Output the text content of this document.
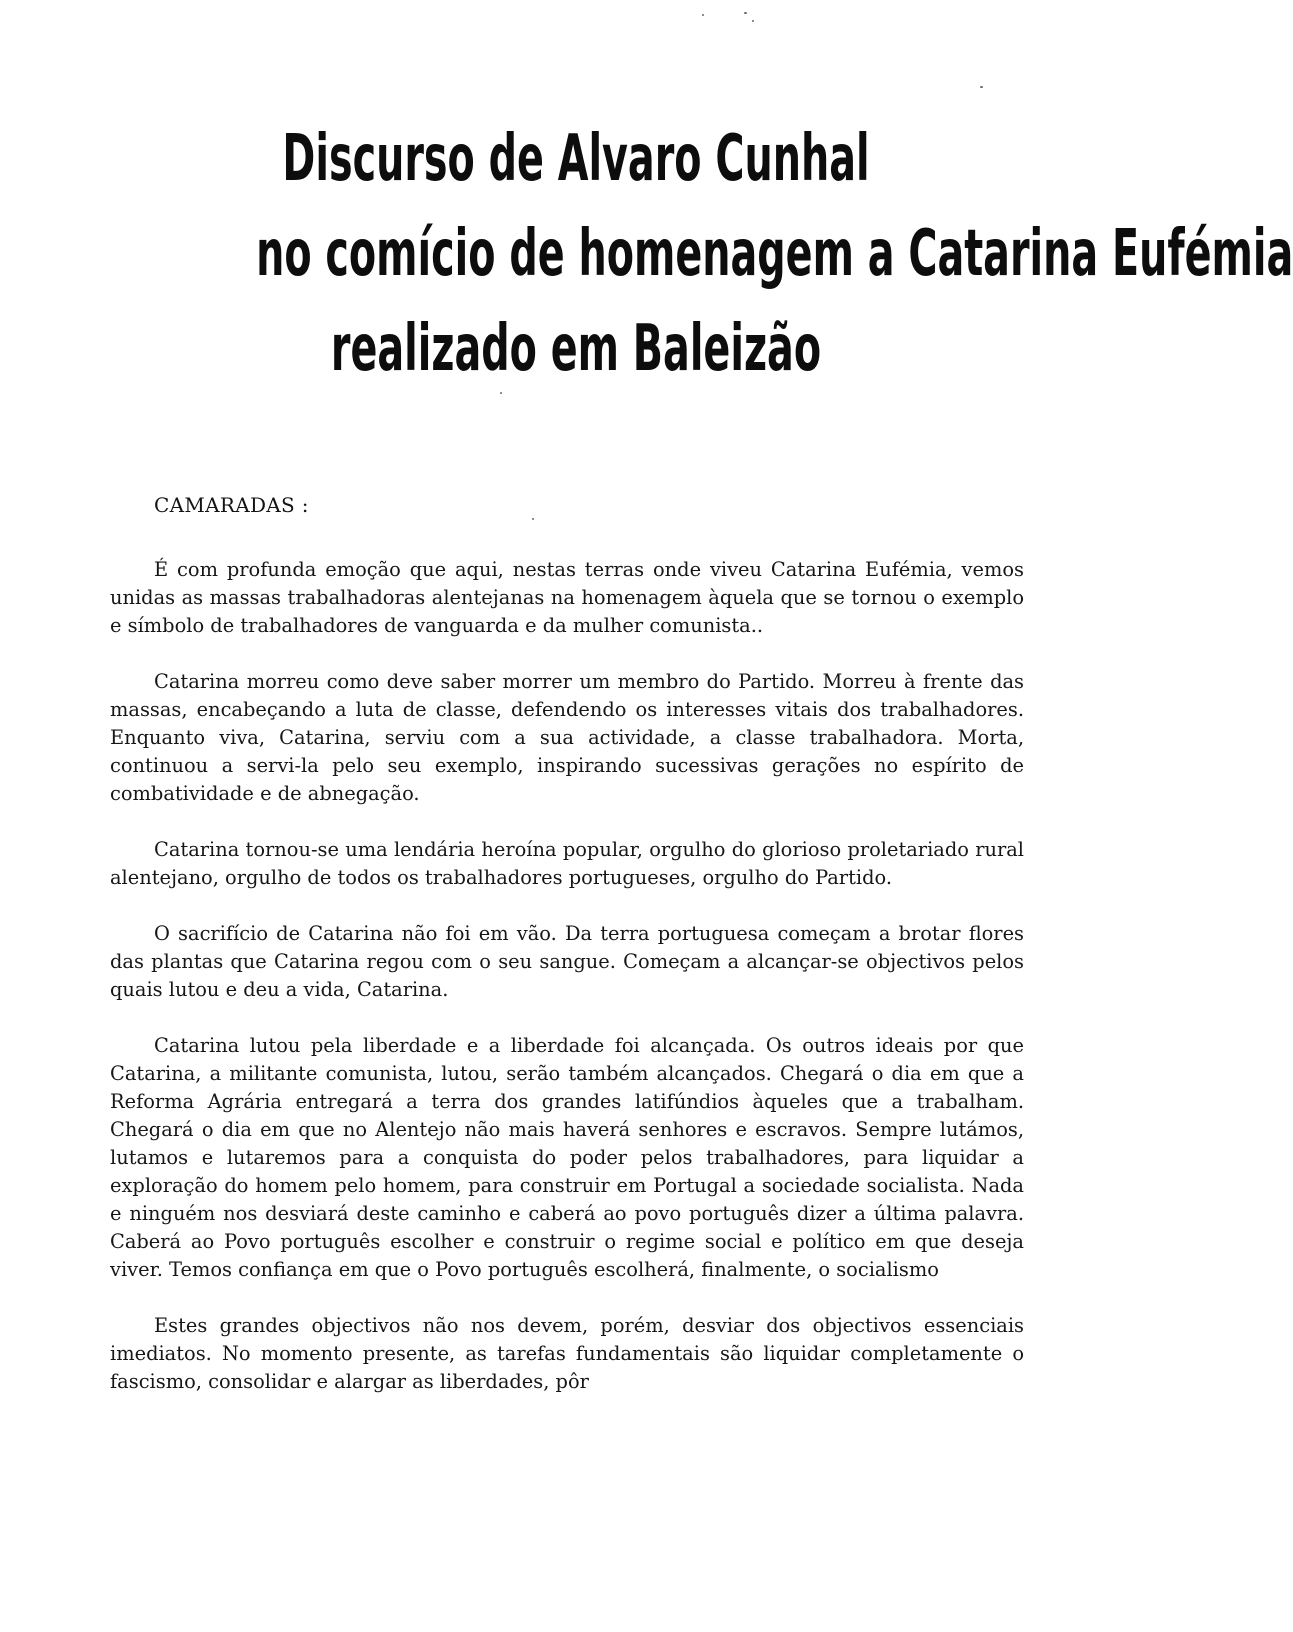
Discurso de Alvaro Cunhal
no comício de homenagem a Catarina Eufémia
realizado em Baleizão

CAMARADAS :

É com profunda emoção que aqui, nestas terras onde viveu Catarina Eufémia, vemos unidas as massas trabalhadoras alentejanas na homenagem àquela que se tornou o exemplo e símbolo de trabalhadores de vanguarda e da mulher comunista..

Catarina morreu como deve saber morrer um membro do Partido. Morreu à frente das massas, encabeçando a luta de classe, defendendo os interesses vitais dos trabalhadores. Enquanto viva, Catarina, serviu com a sua actividade, a classe trabalhadora. Morta, continuou a servi-la pelo seu exemplo, inspirando sucessivas gerações no espírito de combatividade e de abnegação.

Catarina tornou-se uma lendária heroína popular, orgulho do glorioso proletariado rural alentejano, orgulho de todos os trabalhadores portugueses, orgulho do Partido.

O sacrifício de Catarina não foi em vão. Da terra portuguesa começam a brotar flores das plantas que Catarina regou com o seu sangue. Começam a alcançar-se objectivos pelos quais lutou e deu a vida, Catarina.

Catarina lutou pela liberdade e a liberdade foi alcançada. Os outros ideais por que Catarina, a militante comunista, lutou, serão também alcançados. Chegará o dia em que a Reforma Agrária entregará a terra dos grandes latifúndios àqueles que a trabalham. Chegará o dia em que no Alentejo não mais haverá senhores e escravos. Sempre lutámos, lutamos e lutaremos para a conquista do poder pelos trabalhadores, para liquidar a exploração do homem pelo homem, para construir em Portugal a sociedade socialista. Nada e ninguém nos desviará deste caminho e caberá ao povo português dizer a última palavra. Caberá ao Povo português escolher e construir o regime social e político em que deseja viver. Temos confiança em que o Povo português escolherá, finalmente, o socialismo

Estes grandes objectivos não nos devem, porém, desviar dos objectivos essenciais imediatos. No momento presente, as tarefas fundamentais são liquidar completamente o fascismo, consolidar e alargar as liberdades, pôr
